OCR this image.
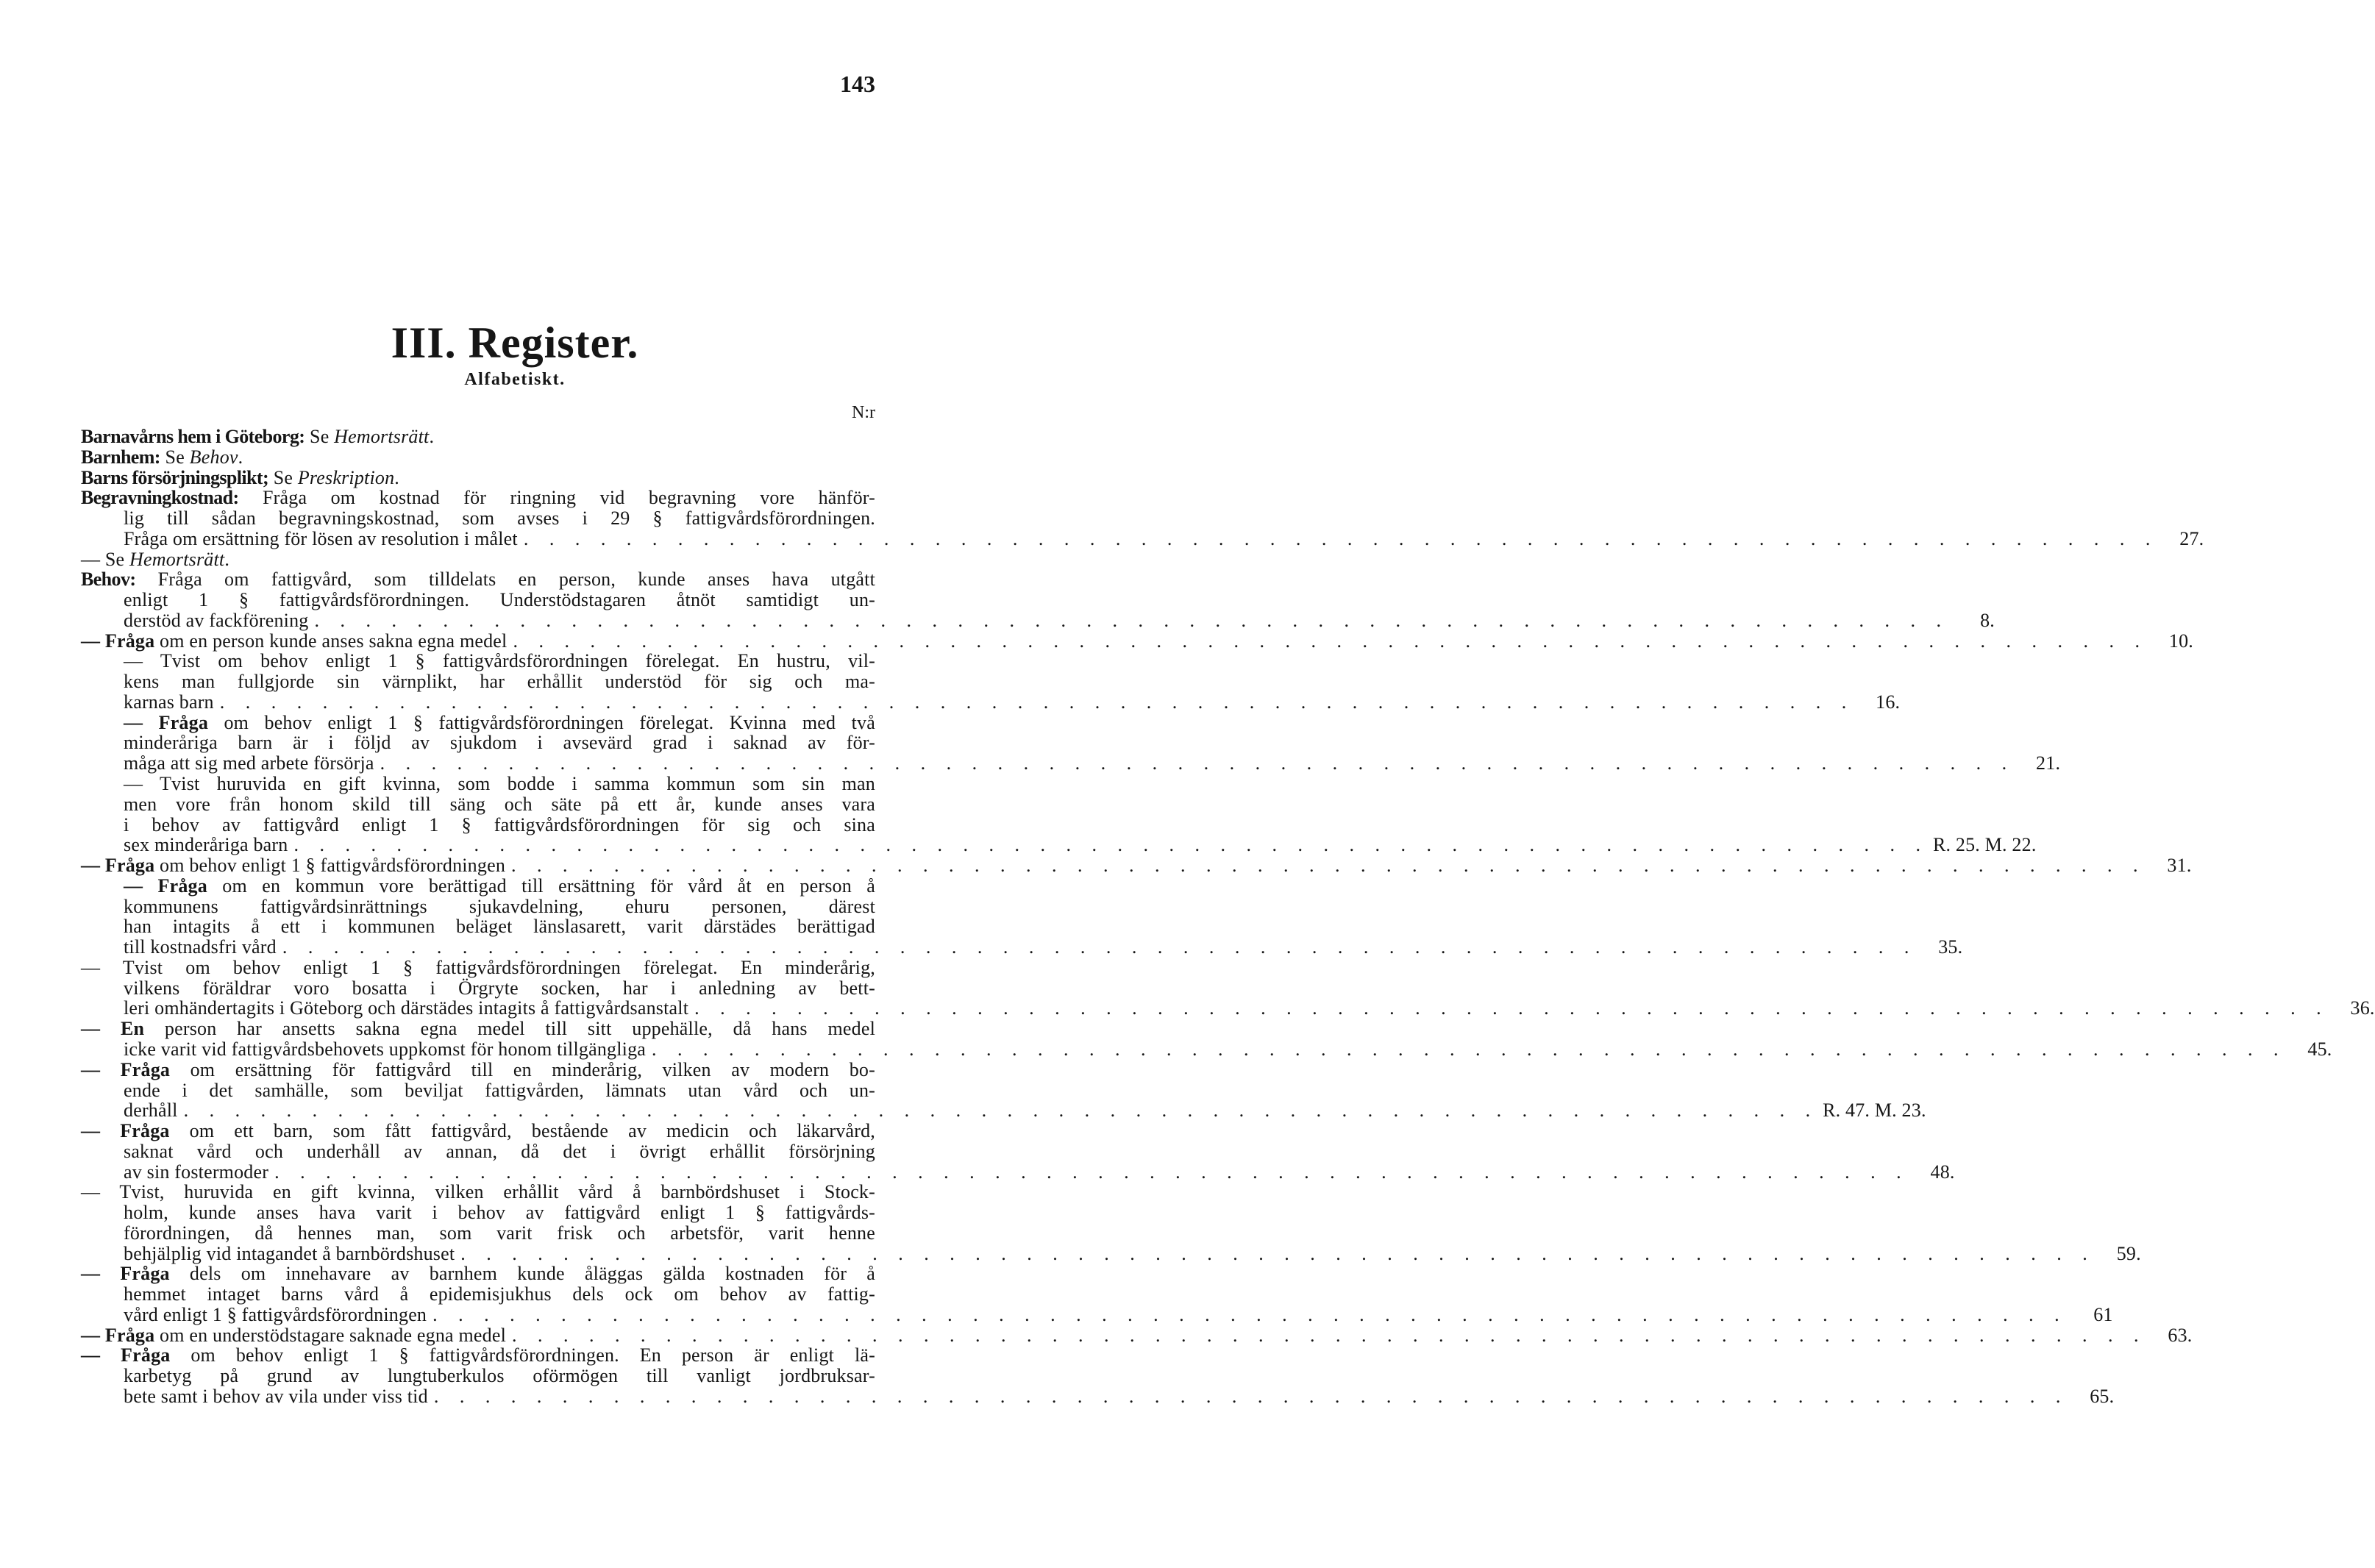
143
III. Register.
Alfabetiskt.
N:r
Barnavårns hem i Göteborg: Se Hemortsrätt.
Barnhem: Se Behov.
Barns försörjningsplikt; Se Preskription.
Begravningkostnad: Fråga om kostnad för ringning vid begravning vore hänför-
lig till sådan begravningskostnad, som avses i 29 § fattigvårdsförordningen.
Fråga om ersättning för lösen av resolution i målet . . . . . . . . . . . . . . . . . . . . . . . . . . . . . . . . . . . . . . . . . . . . . . . . . . . . . . . . . . . . . . . .	27.
— Se Hemortsrätt.
Behov: Fråga om fattigvård, som tilldelats en person, kunde anses hava utgått
enligt 1 § fattigvårdsförordningen. Understödstagaren åtnöt samtidigt un-
derstöd av fackförening . . . . . . . . . . . . . . . . . . . . . . . . . . . . . . . . . . . . . . . . . . . . . . . . . . . . . . . . . . . . . . . .	8.
— Fråga om en person kunde anses sakna egna medel . . . . . . . . . . . . . . . . . . . . . . . . . . . . . . . . . . . . . . . . . . . . . . . . . . . . . . . . . . . . . . . .	10.
— Tvist om behov enligt 1 § fattigvårdsförordningen förelegat. En hustru, vil-
kens man fullgjorde sin värnplikt, har erhållit understöd för sig och ma-
karnas barn . . . . . . . . . . . . . . . . . . . . . . . . . . . . . . . . . . . . . . . . . . . . . . . . . . . . . . . . . . . . . . . .	16.
— Fråga om behov enligt 1 § fattigvårdsförordningen förelegat. Kvinna med två
minderåriga barn är i följd av sjukdom i avsevärd grad i saknad av för-
måga att sig med arbete försörja . . . . . . . . . . . . . . . . . . . . . . . . . . . . . . . . . . . . . . . . . . . . . . . . . . . . . . . . . . . . . . . .	21.
— Tvist huruvida en gift kvinna, som bodde i samma kommun som sin man
men vore från honom skild till säng och säte på ett år, kunde anses vara
i behov av fattigvård enligt 1 § fattigvårdsförordningen för sig och sina
sex minderåriga barn . . . . . . . . . . . . . . . . . . . . . . . . . . . . . . . . . . . . . . . . . . . . . . . . . . . . . . . . . . . . . . . . R. 25. M. 22.
— Fråga om behov enligt 1 § fattigvårdsförordningen . . . . . . . . . . . . . . . . . . . . . . . . . . . . . . . . . . . . . . . . . . . . . . . . . . . . . . . . . . . . . . . .	31.
— Fråga om en kommun vore berättigad till ersättning för vård åt en person å
kommunens fattigvårdsinrättnings sjukavdelning, ehuru personen, därest
han intagits å ett i kommunen beläget länslasarett, varit därstädes berättigad
till kostnadsfri vård . . . . . . . . . . . . . . . . . . . . . . . . . . . . . . . . . . . . . . . . . . . . . . . . . . . . . . . . . . . . . . . .	35.
— Tvist om behov enligt 1 § fattigvårdsförordningen förelegat. En minderårig,
vilkens föräldrar voro bosatta i Örgryte socken, har i anledning av bett-
leri omhändertagits i Göteborg och därstädes intagits å fattigvårdsanstalt . . . . . . . . . . . . . . . . . . . . . . . . . . . . . . . . . . . . . . . . . . . . . . . . . . . . . . . . . . . . . . . .	36.
— En person har ansetts sakna egna medel till sitt uppehälle, då hans medel
icke varit vid fattigvårdsbehovets uppkomst för honom tillgängliga . . . . . . . . . . . . . . . . . . . . . . . . . . . . . . . . . . . . . . . . . . . . . . . . . . . . . . . . . . . . . . . .	45.
— Fråga om ersättning för fattigvård till en minderårig, vilken av modern bo-
ende i det samhälle, som beviljat fattigvården, lämnats utan vård och un-
derhåll . . . . . . . . . . . . . . . . . . . . . . . . . . . . . . . . . . . . . . . . . . . . . . . . . . . . . . . . . . . . . . . . R. 47. M. 23.
— Fråga om ett barn, som fått fattigvård, bestående av medicin och läkarvård,
saknat vård och underhåll av annan, då det i övrigt erhållit försörjning
av sin fostermoder . . . . . . . . . . . . . . . . . . . . . . . . . . . . . . . . . . . . . . . . . . . . . . . . . . . . . . . . . . . . . . . .	48.
— Tvist, huruvida en gift kvinna, vilken erhållit vård å barnbördshuset i Stock-
holm, kunde anses hava varit i behov av fattigvård enligt 1 § fattigvårds-
förordningen, då hennes man, som varit frisk och arbetsför, varit henne
behjälplig vid intagandet å barnbördshuset . . . . . . . . . . . . . . . . . . . . . . . . . . . . . . . . . . . . . . . . . . . . . . . . . . . . . . . . . . . . . . . .	59.
— Fråga dels om innehavare av barnhem kunde åläggas gälda kostnaden för å
hemmet intaget barns vård å epidemisjukhus dels ock om behov av fattig-
vård enligt 1 § fattigvårdsförordningen . . . . . . . . . . . . . . . . . . . . . . . . . . . . . . . . . . . . . . . . . . . . . . . . . . . . . . . . . . . . . . . .	61
— Fråga om en understödstagare saknade egna medel . . . . . . . . . . . . . . . . . . . . . . . . . . . . . . . . . . . . . . . . . . . . . . . . . . . . . . . . . . . . . . . .	63.
— Fråga om behov enligt 1 § fattigvårdsförordningen. En person är enligt lä-
karbetyg på grund av lungtuberkulos oförmögen till vanligt jordbruksar-
bete samt i behov av vila under viss tid . . . . . . . . . . . . . . . . . . . . . . . . . . . . . . . . . . . . . . . . . . . . . . . . . . . . . . . . . . . . . . . .	65.
